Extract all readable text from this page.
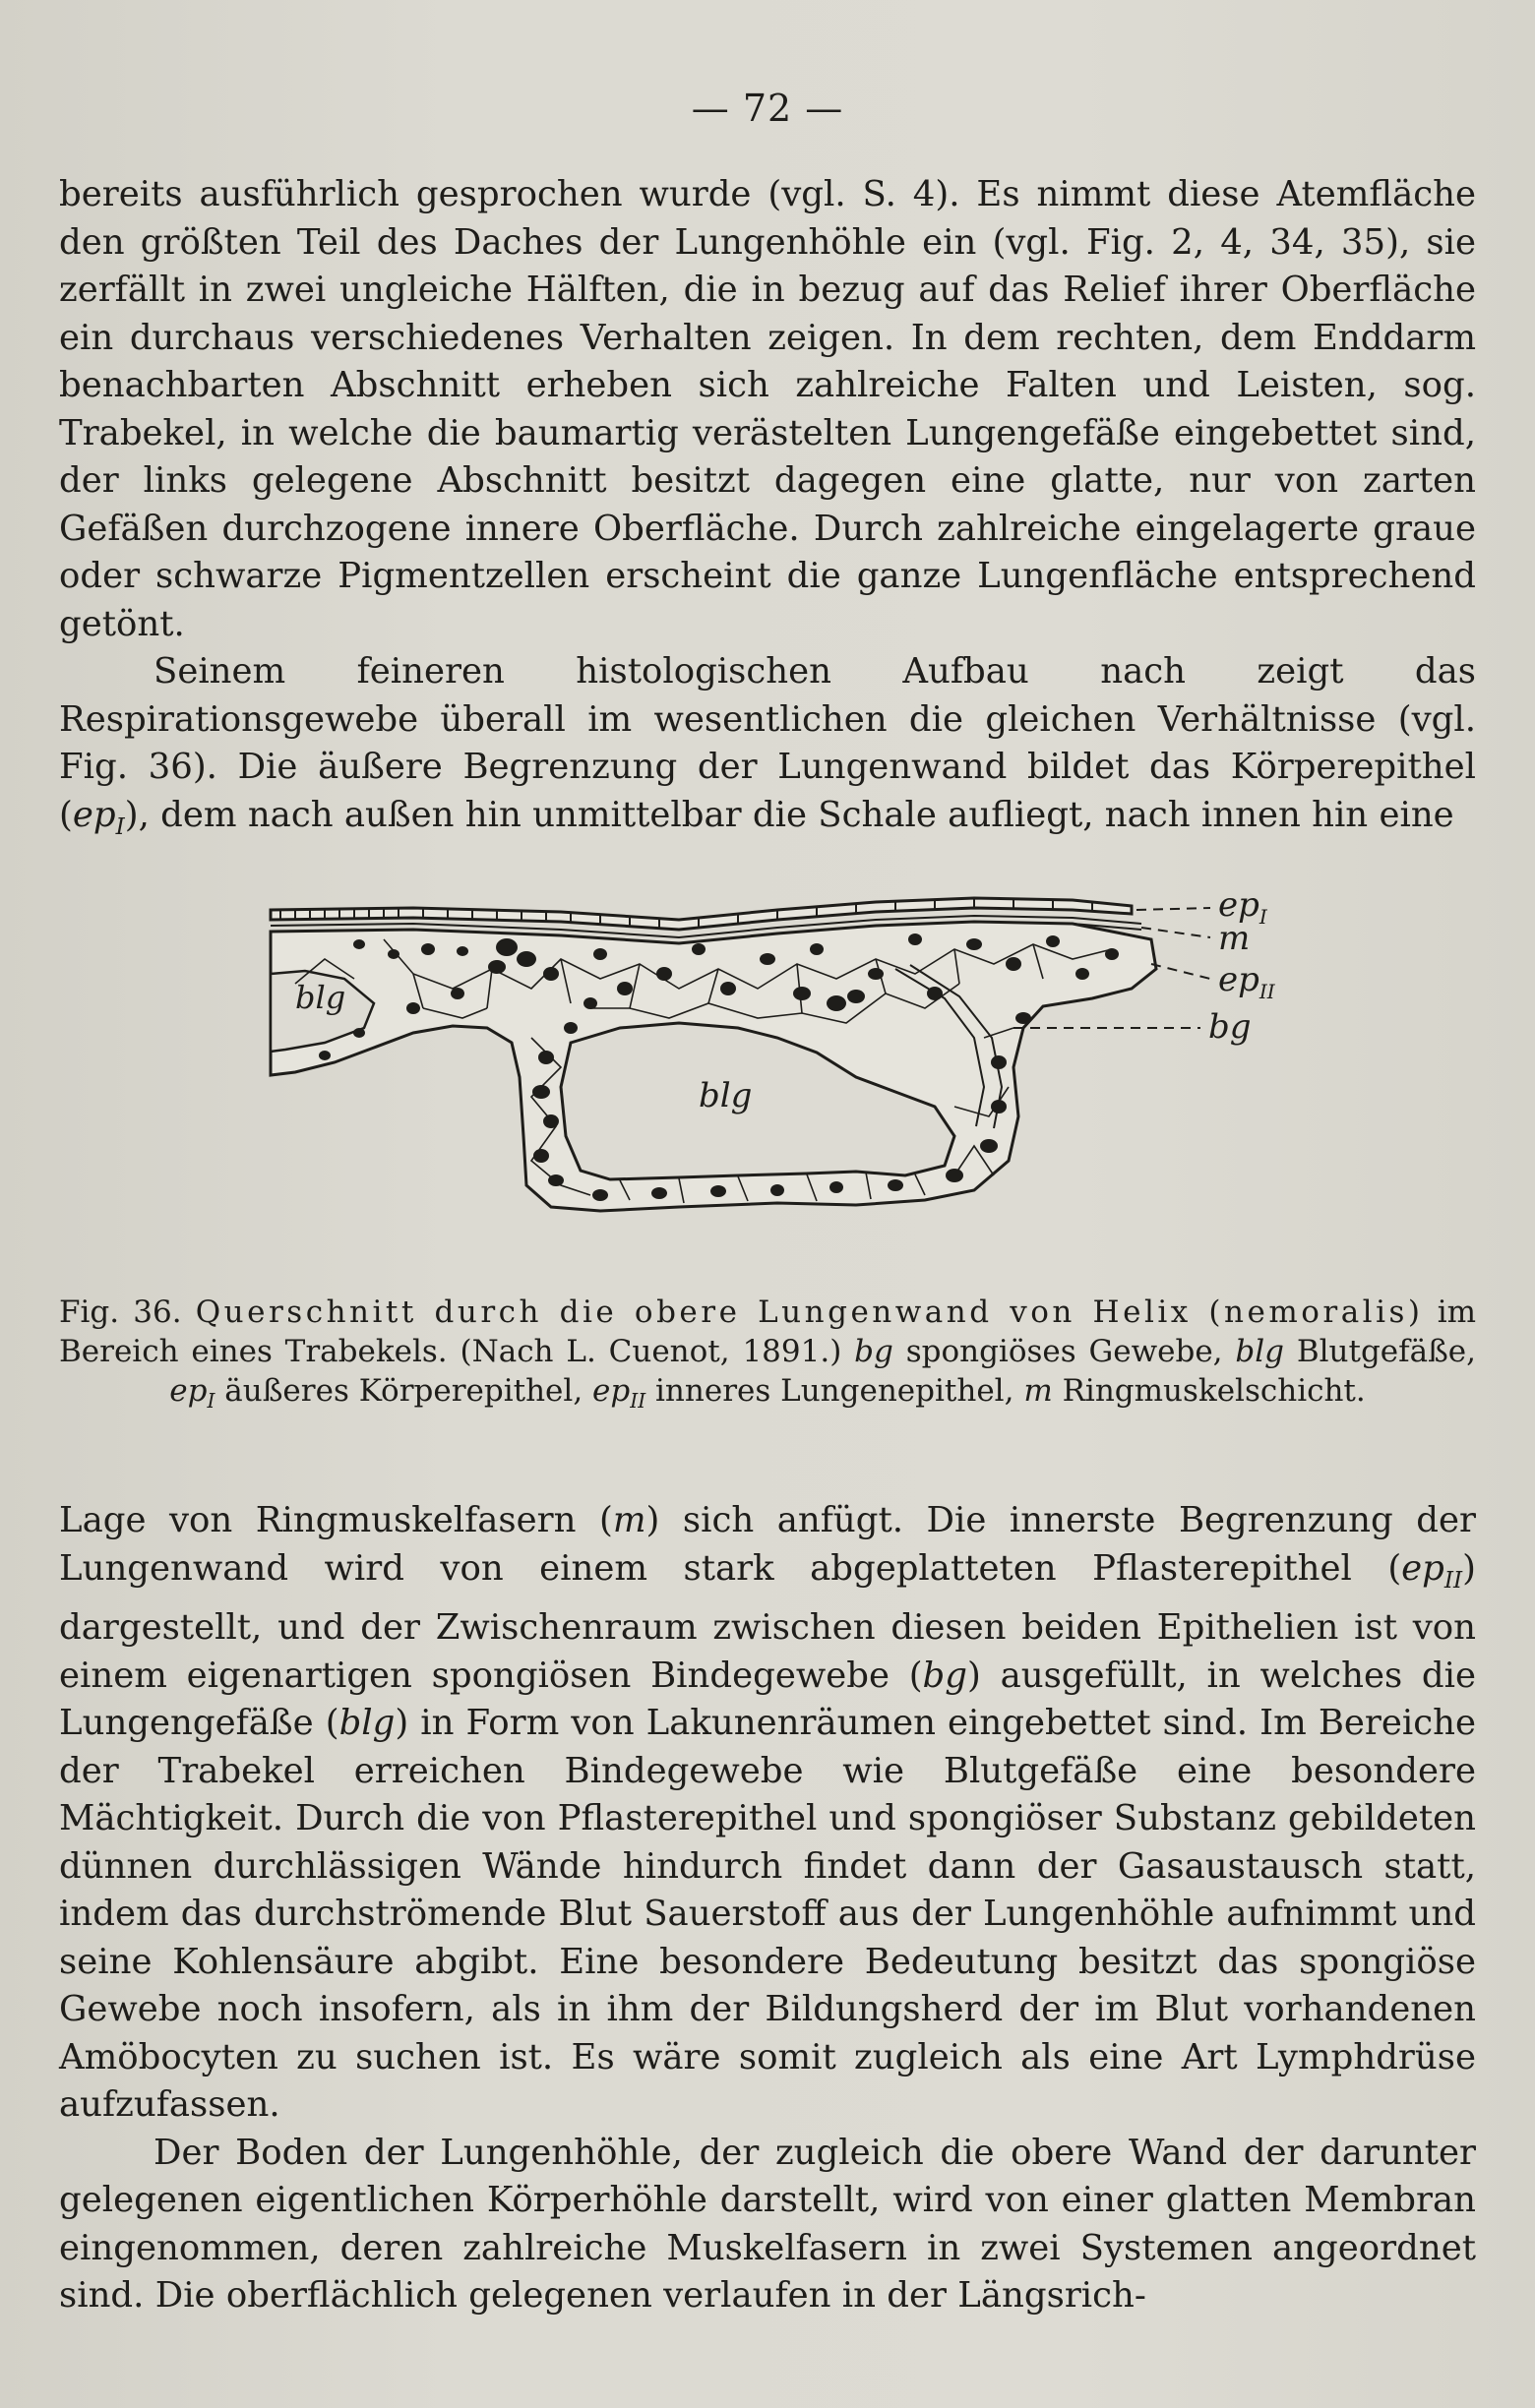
— 72 —

bereits ausführlich gesprochen wurde (vgl. S. 4). Es nimmt diese Atemfläche den größten Teil des Daches der Lungenhöhle ein (vgl. Fig. 2, 4, 34, 35), sie zerfällt in zwei ungleiche Hälften, die in bezug auf das Relief ihrer Oberfläche ein durchaus verschiedenes Verhalten zeigen. In dem rechten, dem Enddarm benachbarten Abschnitt erheben sich zahlreiche Falten und Leisten, sog. Trabekel, in welche die baumartig verästelten Lungengefäße eingebettet sind, der links gelegene Abschnitt besitzt dagegen eine glatte, nur von zarten Gefäßen durchzogene innere Oberfläche. Durch zahlreiche eingelagerte graue oder schwarze Pigmentzellen erscheint die ganze Lungenfläche entsprechend getönt.

Seinem feineren histologischen Aufbau nach zeigt das Respirationsgewebe überall im wesentlichen die gleichen Verhältnisse (vgl. Fig. 36). Die äußere Begrenzung der Lungenwand bildet das Körperepithel $(ep_I)$, dem nach außen hin unmittelbar die Schale aufliegt, nach innen hin eine

$ep_I$
m
$ep_{II}$
bg
blg
blg
Fig. 36. Querschnitt durch die obere Lungenwand von Helix (nemoralis) im Bereich eines Trabekels. (Nach L. Cuenot, 1891.) bg spongiöses Gewebe, blg Blutgefäße, $ep_I$ äußeres Körperepithel, $ep_{II}$ inneres Lungenepithel, m Ringmuskelschicht.

Lage von Ringmuskelfasern (m) sich anfügt. Die innerste Begrenzung der Lungenwand wird von einem stark abgeplatteten Pflasterepithel $(ep_{II})$ dargestellt, und der Zwischenraum zwischen diesen beiden Epithelien ist von einem eigenartigen spongiösen Bindegewebe (bg) ausgefüllt, in welches die Lungengefäße (blg) in Form von Lakunenräumen eingebettet sind. Im Bereiche der Trabekel erreichen Bindegewebe wie Blutgefäße eine besondere Mächtigkeit. Durch die von Pflasterepithel und spongiöser Substanz gebildeten dünnen durchlässigen Wände hindurch findet dann der Gasaustausch statt, indem das durchströmende Blut Sauerstoff aus der Lungenhöhle aufnimmt und seine Kohlensäure abgibt. Eine besondere Bedeutung besitzt das spongiöse Gewebe noch insofern, als in ihm der Bildungsherd der im Blut vorhandenen Amöbocyten zu suchen ist. Es wäre somit zugleich als eine Art Lymphdrüse aufzufassen.

Der Boden der Lungenhöhle, der zugleich die obere Wand der darunter gelegenen eigentlichen Körperhöhle darstellt, wird von einer glatten Membran eingenommen, deren zahlreiche Muskelfasern in zwei Systemen angeordnet sind. Die oberflächlich gelegenen verlaufen in der Längsrich-
